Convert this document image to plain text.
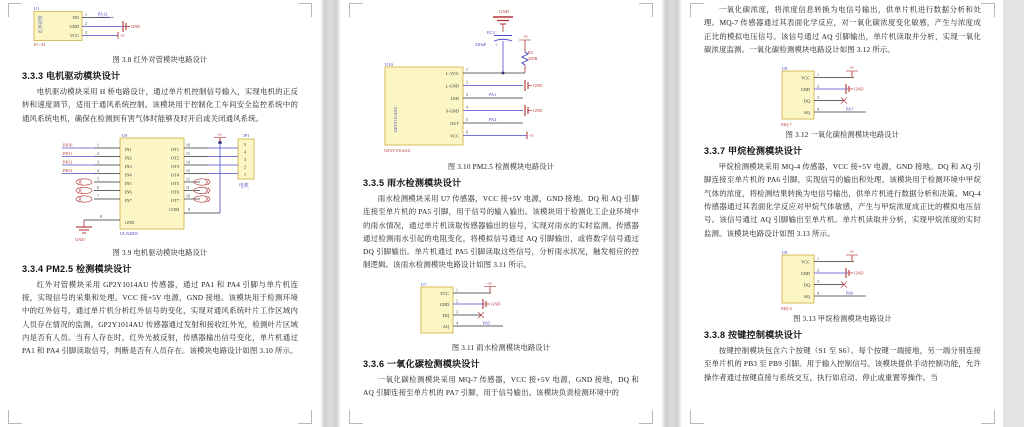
U1
红外对管	DO
GND
VCC
1
2
3
PA12
GND
+5
FC-33
图 3.8 红外对管模块电路设计
3.3.3 电机驱动模块设计

电机驱动模块采用 H 桥电路设计，通过单片机控制信号输入，实现电机的正反转和速度调节，适用于通风系统控制。该模块用于控制化工车间安全监控系统中的通风系统电机，确保在检测到有害气体时能够及时开启或关闭通风系统。

U9
ULN2003
IN1
IN2
IN3
IN4
IN5
IN6
IN7
OT1
OT2
OT3
OT4
OT5
OT6
OT7
1
2
3
4
5
6
7
PB10
PB11
PB12
PB13
16
15
14
13
12
11
10
JP1
5
4
3
2
1
电机
+5
COM 9
GND
8
GND
图 3.9 电机驱动模块电路设计
3.3.4 PM2.5 检测模块设计

红外对管模块采用 GP2Y1014AU 传感器，通过 PA1 和 PA4 引脚与单片机连接，实现信号的采集和处理。VCC 接+5V 电源，GND 接地。该模块用于检测环境中的红外信号，通过单片机分析红外信号的变化，实现对通风系统叶片工作区域内人员存在情况的监测。GP2Y1014AU 传感器通过发射和接收红外光，检测叶片区域内是否有人员。当有人存在时，红外光被反射，传感器输出信号变化，单片机通过 PA1 和 PA4 引脚读取信号，判断是否有人员存在。该模块电路设计如图 3.10 所示。

GND
EC3
220uF +
+5
R3
150R
U10
GP2Y1014AU
GP2Y1014AU
L-VCC
L-GND
LED
S-GND
OUT
VCC
1
2
3
4
5
6
PA1
PA4
GND
GND
+5
图 3.10 PM2.5 检测模块电路设计
3.3.5 雨水检测模块设计

雨水检测模块采用 U7 传感器，VCC 接+5V 电源，GND 接地。DQ 和 AQ 引脚连接至单片机的 PA5 引脚，用于信号的输入输出。该模块用于检测化工企业环境中的雨水情况，通过单片机读取传感器输出的信号，实现对雨水的实时监测。传感器通过检测雨水引起的电阻变化，将模拟信号通过 AQ 引脚输出，或将数字信号通过 DQ 引脚输出。单片机通过 PA5 引脚读取这些信号，分析雨水状况，触发相应的控制逻辑。该雨水检测模块电路设计如图 3.11 所示。

U7
VCC
GND
DQ
AQ
1
2
3
4
+5
GND
PA5
图 3.11 雨水检测模块电路设计
3.3.6 一氧化碳检测模块设计

一氧化碳检测模块采用 MQ-7 传感器，VCC 接+5V 电源，GND 接地，DQ 和 AQ 引脚连接至单片机的 PA7 引脚，用于信号输出。该模块负责检测环境中的

一氧化碳浓度，将浓度信息转换为电信号输出，供单片机进行数据分析和处理。MQ-7 传感器通过其表面化学反应，对一氧化碳浓度变化敏感，产生与浓度成正比的模拟电压信号。该信号通过 AQ 引脚输出，单片机读取并分析，实现一氧化碳浓度监测。一氧化碳检测模块电路设计如图 3.12 所示。

U8
VCC
GND
DQ
AQ
MQ-7
1
2
3
4
+5
GND
PA7
图 3.12 一氧化碳检测模块电路设计
3.3.7 甲烷检测模块设计

甲烷检测模块采用 MQ-4 传感器，VCC 接+5V 电源，GND 接地。DQ 和 AQ 引脚连接至单片机的 PA6 引脚，实现信号的输出和处理。该模块用于检测环境中甲烷气体的浓度，将检测结果转换为电信号输出，供单片机进行数据分析和决策。MQ-4 传感器通过其表面化学反应对甲烷气体敏感，产生与甲烷浓度成正比的模拟电压信号。该信号通过 AQ 引脚输出至单片机。单片机读取并分析，实现甲烷浓度的实时监测。该模块电路设计如图 3.13 所示。

U8
VCC
GND
DQ
AQ
MQ-4
1
2
3
4
+5
GND
PA6
图 3.13 甲烷检测模块电路设计
3.3.8 按键控制模块设计

按键控制模块包含六个按键（S1 至 S6）。每个按键一端接地，另一端分别连接至单片机的 PB3 至 PB9 引脚。用于输入控制信号。该模块提供手动控制功能，允许操作者通过按键直接与系统交互，执行如启动、停止或重置等操作。当
